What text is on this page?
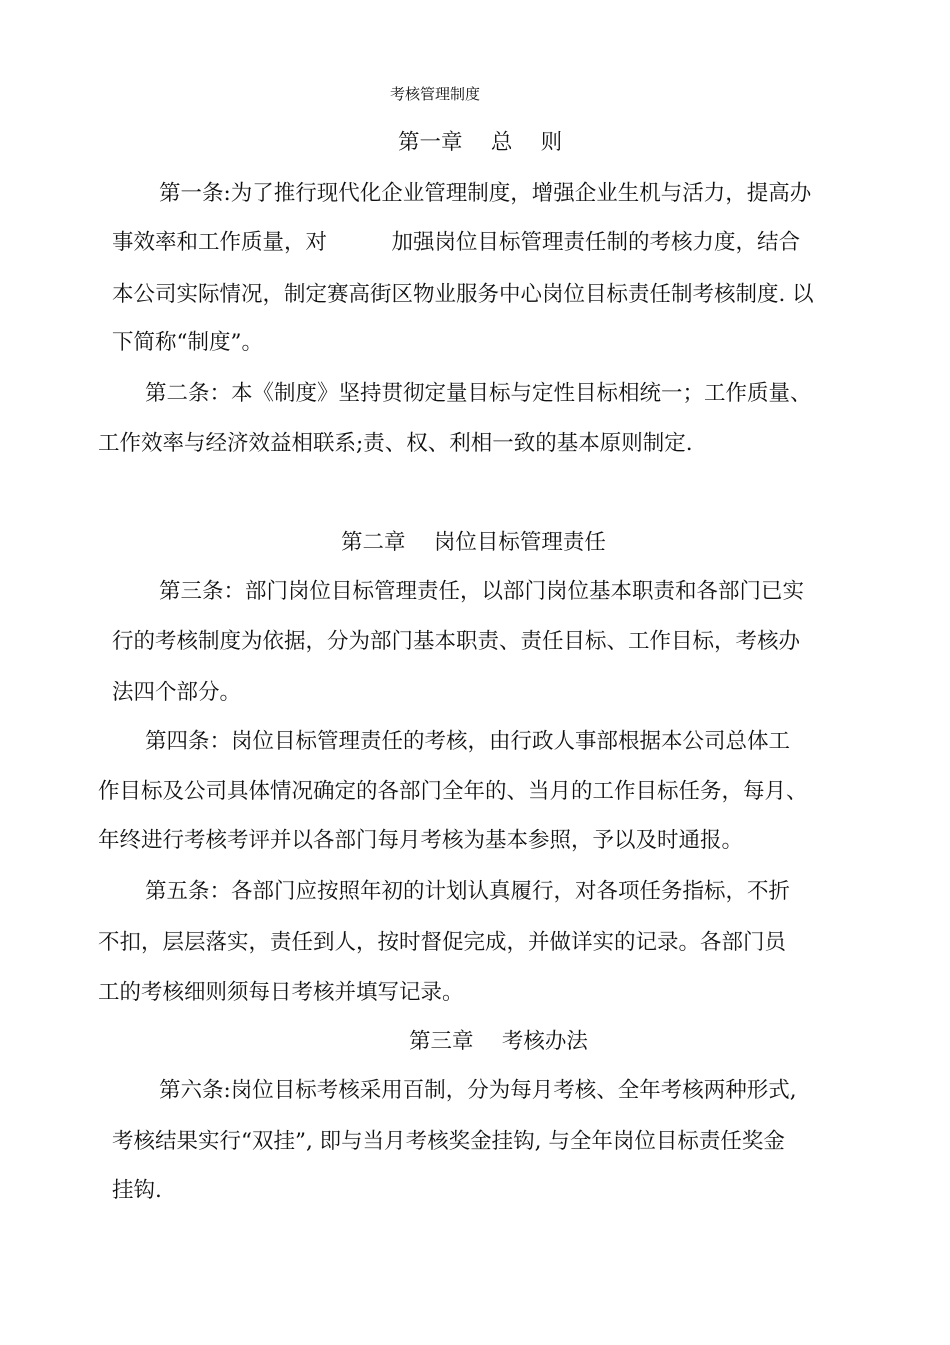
考核管理制度
第一章　 总　 则
第一条:为了推行现代化企业管理制度，增强企业生机与活力，提高办
事效率和工作质量，对　　　加强岗位目标管理责任制的考核力度，结合
本公司实际情况，制定赛高街区物业服务中心岗位目标责任制考核制度. 以
下简称“制度”。
第二条：本《制度》坚持贯彻定量目标与定性目标相统一；工作质量、
工作效率与经济效益相联系;责、权、利相一致的基本原则制定.
第二章　 岗位目标管理责任
第三条：部门岗位目标管理责任，以部门岗位基本职责和各部门已实
行的考核制度为依据，分为部门基本职责、责任目标、工作目标，考核办
法四个部分。
第四条：岗位目标管理责任的考核，由行政人事部根据本公司总体工
作目标及公司具体情况确定的各部门全年的、当月的工作目标任务，每月、
年终进行考核考评并以各部门每月考核为基本参照，予以及时通报。
第五条：各部门应按照年初的计划认真履行，对各项任务指标，不折
不扣，层层落实，责任到人，按时督促完成，并做详实的记录。各部门员
工的考核细则须每日考核并填写记录。
第三章　 考核办法
第六条:岗位目标考核采用百制，分为每月考核、全年考核两种形式,
考核结果实行“双挂”, 即与当月考核奖金挂钩, 与全年岗位目标责任奖金
挂钩.
